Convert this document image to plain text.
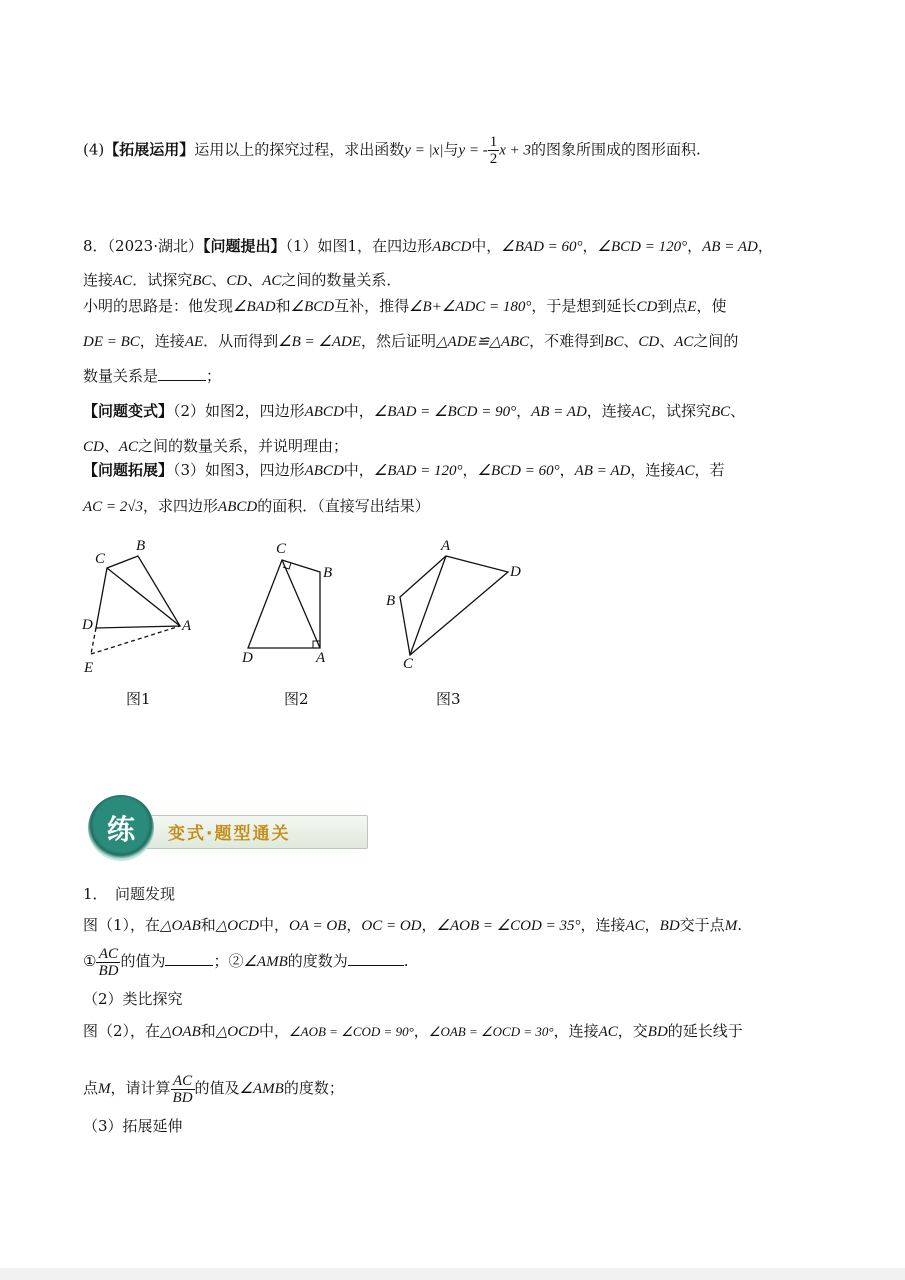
(4)【拓展运用】运用以上的探究过程，求出函数y = |x|与y = - $\frac{1}{2}$ x + 3的图象所围成的图形面积.
8．（2023·湖北）【问题提出】（1）如图1，在四边形ABCD中，∠BAD = 60°，∠BCD = 120°，AB = AD，
连接AC．试探究BC、CD、AC之间的数量关系．
小明的思路是：他发现∠BAD和∠BCD互补，推得∠B+∠ADC = 180°，于是想到延长CD到点E，使
DE = BC，连接AE．从而得到∠B = ∠ADE，然后证明△ADE≌△ABC，不难得到BC、CD、AC之间的
数量关系是	；
【问题变式】（2）如图2，四边形ABCD中，∠BAD = ∠BCD = 90°，AB = AD，连接AC，试探究BC、
CD、AC之间的数量关系，并说明理由；
【问题拓展】（3）如图3，四边形ABCD中，∠BAD = 120°，∠BCD = 60°，AB = AD，连接AC，若
AC = 2√3，求四边形ABCD的面积．（直接写出结果）
C
B
D	A
E
图1
C
B
D	A
图2
A
D
B
C
图3
练	变式·题型通关
1．　问题发现
图（1），在△OAB和△OCD中，OA = OB，OC = OD，∠AOB = ∠COD = 35°，连接AC，BD交于点M.
① $\frac{AC}{BD}$ 的值为	；②∠AMB的度数为	.
（2）类比探究
图（2），在△OAB和△OCD中，∠AOB = ∠COD = 90°，∠OAB = ∠OCD = 30°，连接AC，交BD的延长线于
点M，请计算 $\frac{AC}{BD}$ 的值及∠AMB的度数；
（3）拓展延伸
